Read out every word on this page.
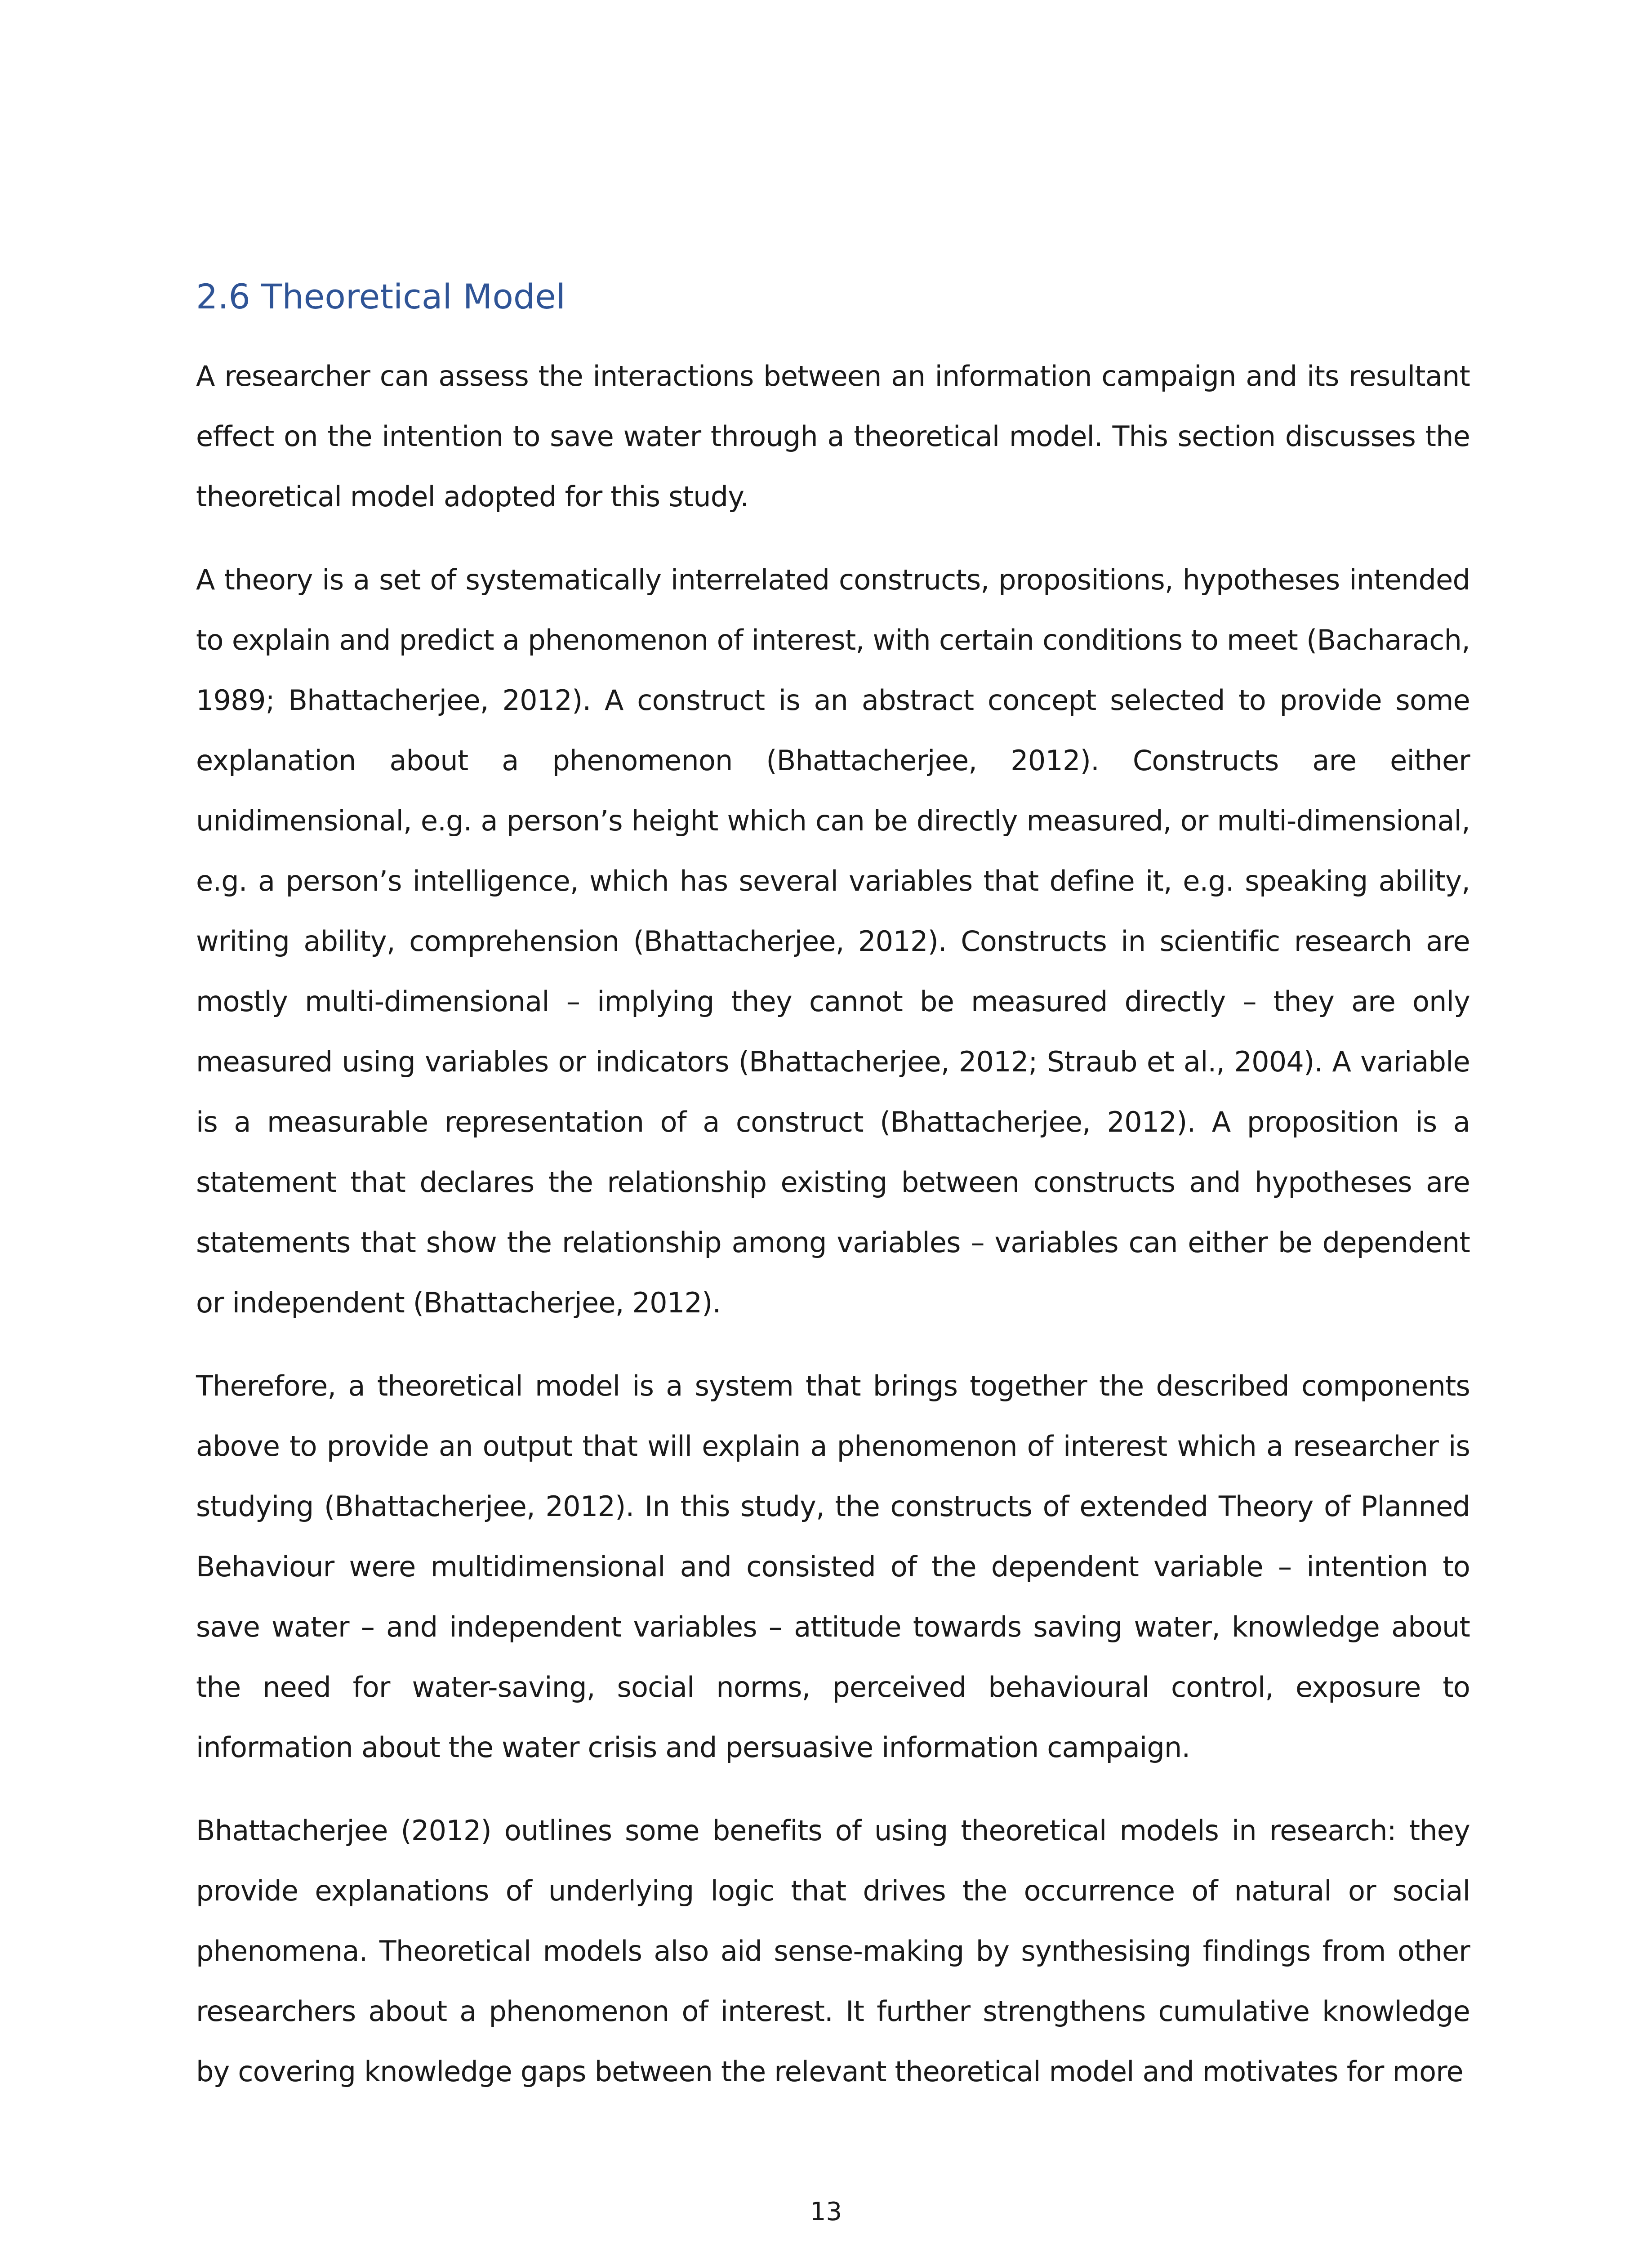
2.6 Theoretical Model

A researcher can assess the interactions between an information campaign and its resultant effect on the intention to save water through a theoretical model. This section discusses the theoretical model adopted for this study.

A theory is a set of systematically interrelated constructs, propositions, hypotheses intended to explain and predict a phenomenon of interest, with certain conditions to meet (Bacharach, 1989; Bhattacherjee, 2012). A construct is an abstract concept selected to provide some explanation about a phenomenon (Bhattacherjee, 2012). Constructs are either unidimensional, e.g. a person’s height which can be directly measured, or multi-dimensional, e.g. a person’s intelligence, which has several variables that define it, e.g. speaking ability, writing ability, comprehension (Bhattacherjee, 2012). Constructs in scientific research are mostly multi-dimensional – implying they cannot be measured directly – they are only measured using variables or indicators (Bhattacherjee, 2012; Straub et al., 2004). A variable is a measurable representation of a construct (Bhattacherjee, 2012). A proposition is a statement that declares the relationship existing between constructs and hypotheses are statements that show the relationship among variables – variables can either be dependent or independent (Bhattacherjee, 2012).

Therefore, a theoretical model is a system that brings together the described components above to provide an output that will explain a phenomenon of interest which a researcher is studying (Bhattacherjee, 2012). In this study, the constructs of extended Theory of Planned Behaviour were multidimensional and consisted of the dependent variable – intention to save water – and independent variables – attitude towards saving water, knowledge about the need for water-saving, social norms, perceived behavioural control, exposure to information about the water crisis and persuasive information campaign.

Bhattacherjee (2012) outlines some benefits of using theoretical models in research: they provide explanations of underlying logic that drives the occurrence of natural or social phenomena. Theoretical models also aid sense-making by synthesising findings from other researchers about a phenomenon of interest. It further strengthens cumulative knowledge by covering knowledge gaps between the relevant theoretical model and motivates for more

13
